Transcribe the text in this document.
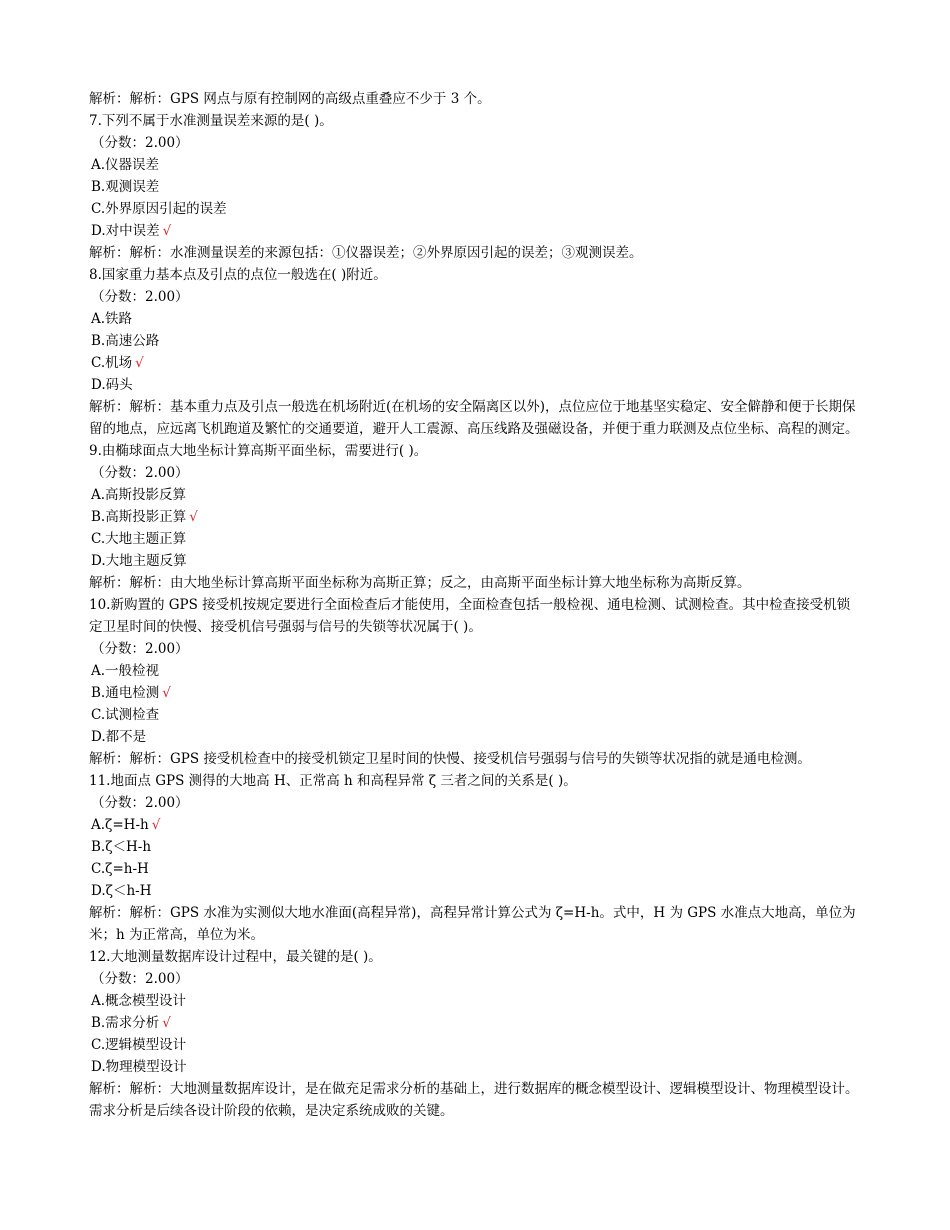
解析：解析：GPS 网点与原有控制网的高级点重叠应不少于 3 个。
7.下列不属于水准测量误差来源的是( )。
（分数：2.00）
A.仪器误差
B.观测误差
C.外界原因引起的误差
D.对中误差 √
解析：解析：水准测量误差的来源包括：①仪器误差；②外界原因引起的误差；③观测误差。
8.国家重力基本点及引点的点位一般选在( )附近。
（分数：2.00）
A.铁路
B.高速公路
C.机场 √
D.码头
解析：解析：基本重力点及引点一般选在机场附近(在机场的安全隔离区以外)，点位应位于地基坚实稳定、安全僻静和便于长期保留的地点，应远离飞机跑道及繁忙的交通要道，避开人工震源、高压线路及强磁设备，并便于重力联测及点位坐标、高程的测定。
9.由椭球面点大地坐标计算高斯平面坐标，需要进行( )。
（分数：2.00）
A.高斯投影反算
B.高斯投影正算 √
C.大地主题正算
D.大地主题反算
解析：解析：由大地坐标计算高斯平面坐标称为高斯正算；反之，由高斯平面坐标计算大地坐标称为高斯反算。
10.新购置的 GPS 接受机按规定要进行全面检查后才能使用，全面检查包括一般检视、通电检测、试测检查。其中检查接受机锁定卫星时间的快慢、接受机信号强弱与信号的失锁等状况属于( )。
（分数：2.00）
A.一般检视
B.通电检测 √
C.试测检查
D.都不是
解析：解析：GPS 接受机检查中的接受机锁定卫星时间的快慢、接受机信号强弱与信号的失锁等状况指的就是通电检测。
11.地面点 GPS 测得的大地高 H、正常高 h 和高程异常 ζ 三者之间的关系是( )。
（分数：2.00）
A.ζ=H-h √
B.ζ＜H-h
C.ζ=h-H
D.ζ＜h-H
解析：解析：GPS 水准为实测似大地水准面(高程异常)，高程异常计算公式为 ζ=H-h。式中，H 为 GPS 水准点大地高，单位为米；h 为正常高，单位为米。
12.大地测量数据库设计过程中，最关键的是( )。
（分数：2.00）
A.概念模型设计
B.需求分析 √
C.逻辑模型设计
D.物理模型设计
解析：解析：大地测量数据库设计，是在做充足需求分析的基础上，进行数据库的概念模型设计、逻辑模型设计、物理模型设计。需求分析是后续各设计阶段的依赖，是决定系统成败的关键。
